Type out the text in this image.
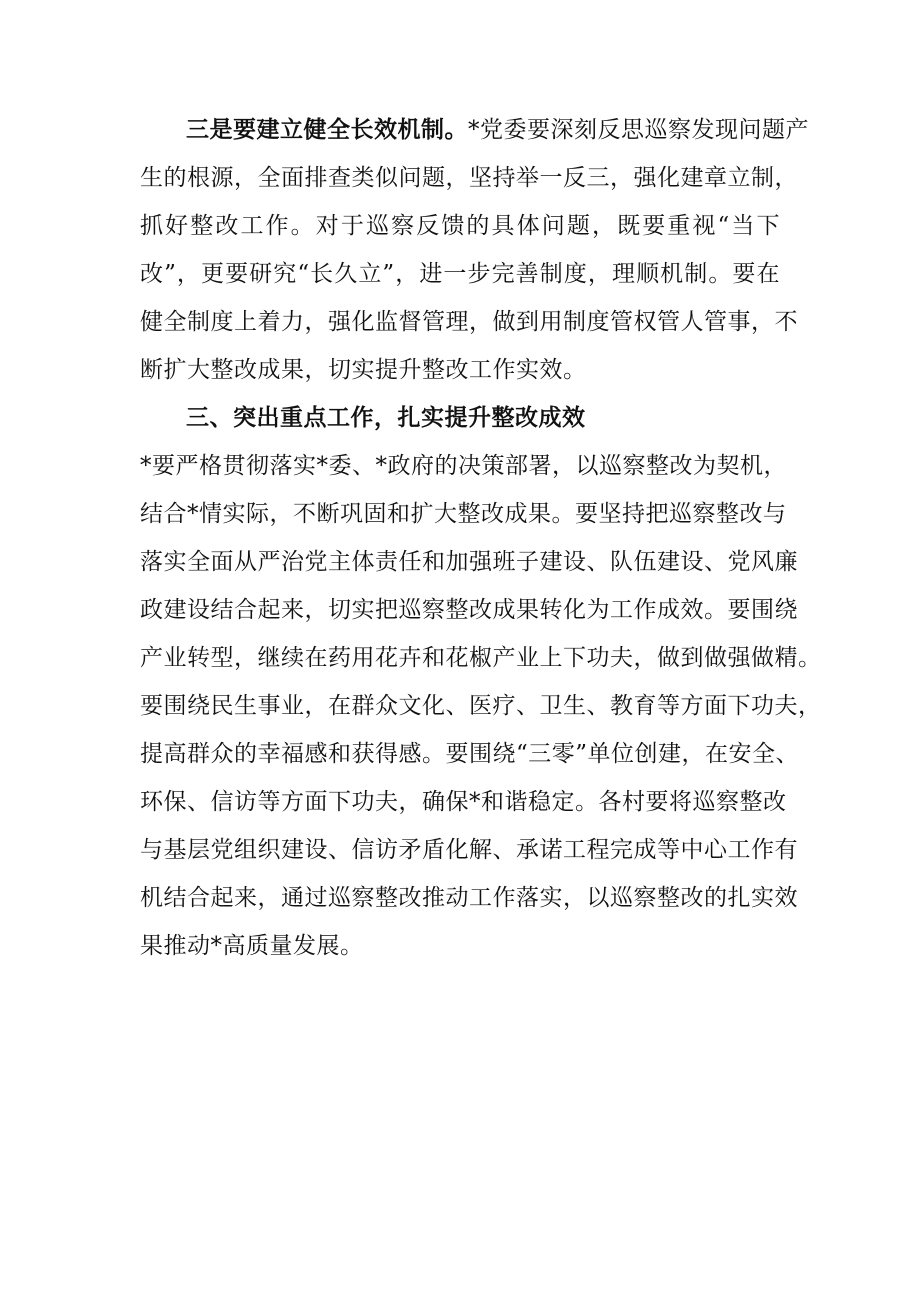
三是要建立健全长效机制。*党委要深刻反思巡察发现问题产
生的根源，全面排查类似问题，坚持举一反三，强化建章立制，
抓好整改工作。对于巡察反馈的具体问题，既要重视“当下
改”，更要研究“长久立”，进一步完善制度，理顺机制。要在
健全制度上着力，强化监督管理，做到用制度管权管人管事，不
断扩大整改成果，切实提升整改工作实效。
三、突出重点工作，扎实提升整改成效
*要严格贯彻落实*委、*政府的决策部署，以巡察整改为契机，
结合*情实际，不断巩固和扩大整改成果。要坚持把巡察整改与
落实全面从严治党主体责任和加强班子建设、队伍建设、党风廉
政建设结合起来，切实把巡察整改成果转化为工作成效。要围绕
产业转型，继续在药用花卉和花椒产业上下功夫，做到做强做精。
要围绕民生事业，在群众文化、医疗、卫生、教育等方面下功夫，
提高群众的幸福感和获得感。要围绕“三零”单位创建，在安全、
环保、信访等方面下功夫，确保*和谐稳定。各村要将巡察整改
与基层党组织建设、信访矛盾化解、承诺工程完成等中心工作有
机结合起来，通过巡察整改推动工作落实，以巡察整改的扎实效
果推动*高质量发展。
